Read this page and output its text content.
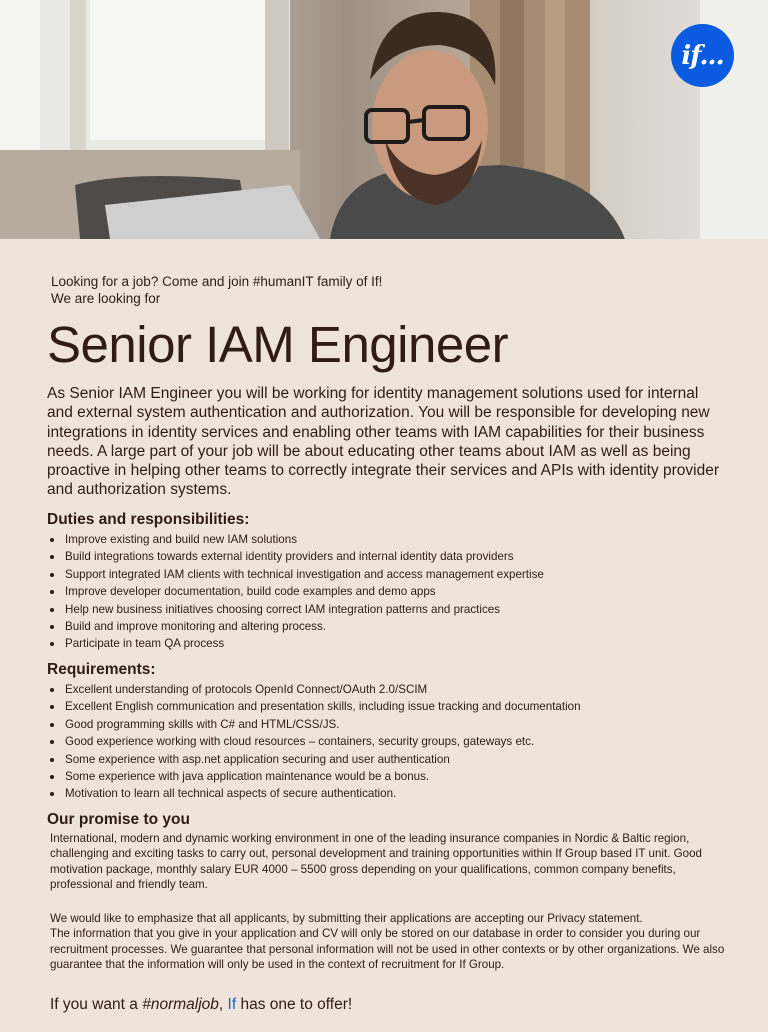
if...
Looking for a job? Come and join #humanIT family of If!
We are looking for
Senior IAM Engineer

As Senior IAM Engineer you will be working for identity management solutions used for internal and external system authentication and authorization. You will be responsible for developing new integrations in identity services and enabling other teams with IAM capabilities for their business needs. A large part of your job will be about educating other teams about IAM as well as being proactive in helping other teams to correctly integrate their services and APIs with identity provider and authorization systems.

Duties and responsibilities:
Improve existing and build new IAM solutions
Build integrations towards external identity providers and internal identity data providers
Support integrated IAM clients with technical investigation and access management expertise
Improve developer documentation, build code examples and demo apps
Help new business initiatives choosing correct IAM integration patterns and practices
Build and improve monitoring and altering process.
Participate in team QA process
Requirements:
Excellent understanding of protocols OpenId Connect/OAuth 2.0/SCIM
Excellent English communication and presentation skills, including issue tracking and documentation
Good programming skills with C# and HTML/CSS/JS.
Good experience working with cloud resources – containers, security groups, gateways etc.
Some experience with asp.net application securing and user authentication
Some experience with java application maintenance would be a bonus.
Motivation to learn all technical aspects of secure authentication.
Our promise to you

International, modern and dynamic working environment in one of the leading insurance companies in Nordic & Baltic region, challenging and exciting tasks to carry out, personal development and training opportunities within If Group based IT unit. Good motivation package, monthly salary EUR 4000 – 5500 gross depending on your qualifications, common company benefits, professional and friendly team.

We would like to emphasize that all applicants, by submitting their applications are accepting our Privacy statement.

The information that you give in your application and CV will only be stored on our database in order to consider you during our recruitment processes. We guarantee that personal information will not be used in other contexts or by other organizations. We also guarantee that the information will only be used in the context of recruitment for If Group.

If you want a #normaljob, If has one to offer!
